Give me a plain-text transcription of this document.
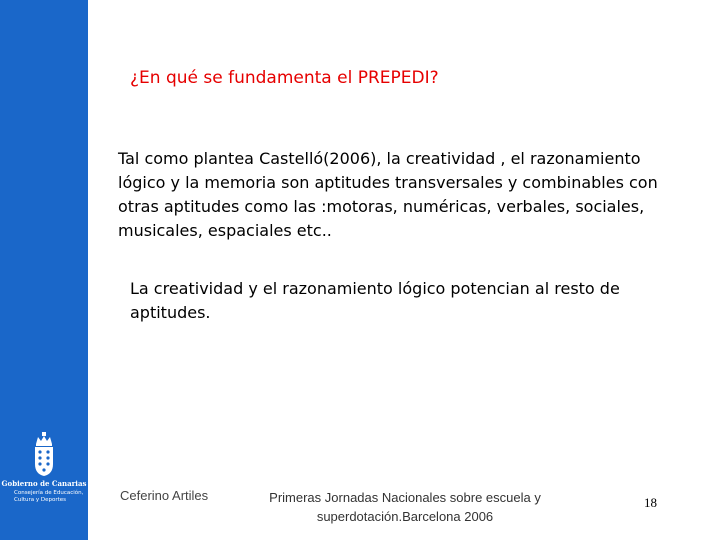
Gobierno de Canarias
Consejería de Educación,
Cultura y Deportes
¿En qué se fundamenta el PREPEDI?

Tal como plantea Castelló(2006), la creatividad , el razonamiento lógico y la memoria son aptitudes transversales y combinables con otras aptitudes como las :motoras, numéricas, verbales, sociales, musicales, espaciales etc..

La creatividad y el razonamiento lógico potencian al resto de aptitudes.

Ceferino Artiles	Primeras Jornadas Nacionales sobre escuela y superdotación.Barcelona 2006
18
